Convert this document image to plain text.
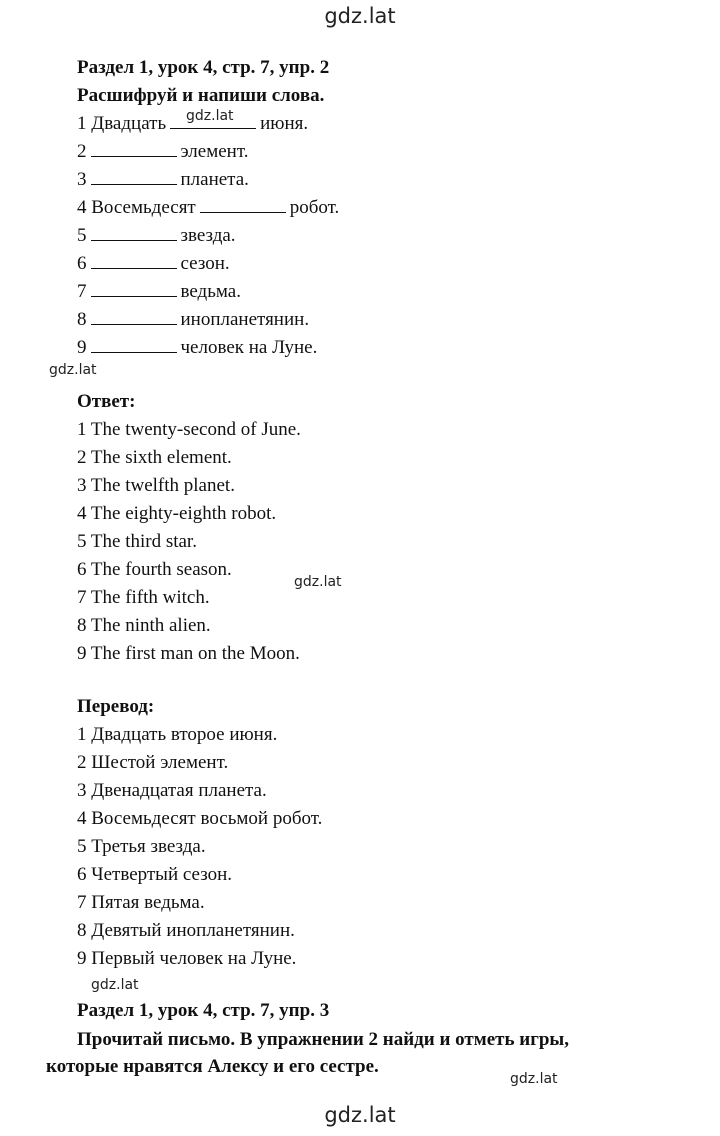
gdz.lat
Раздел 1, урок 4, стр. 7, упр. 2
Расшифруй и напиши слова.
1 Двадцать	июня.
2	элемент.
3	планета.
4 Восемьдесят	робот.
5	звезда.
6	сезон.
7	ведьма.
8	инопланетянин.
9	человек на Луне.
Ответ:
1 The twenty-second of June.
2 The sixth element.
3 The twelfth planet.
4 The eighty-eighth robot.
5 The third star.
6 The fourth season.
7 The fifth witch.
8 The ninth alien.
9 The first man on the Moon.
Перевод:
1 Двадцать второе июня.
2 Шестой элемент.
3 Двенадцатая планета.
4 Восемьдесят восьмой робот.
5 Третья звезда.
6 Четвертый сезон.
7 Пятая ведьма.
8 Девятый инопланетянин.
9 Первый человек на Луне.
Раздел 1, урок 4, стр. 7, упр. 3
Прочитай письмо. В упражнении 2 найди и отметь игры,
которые нравятся Алексу и его сестре.
gdz.lat
gdz.lat
gdz.lat
gdz.lat
gdz.lat
gdz.lat
